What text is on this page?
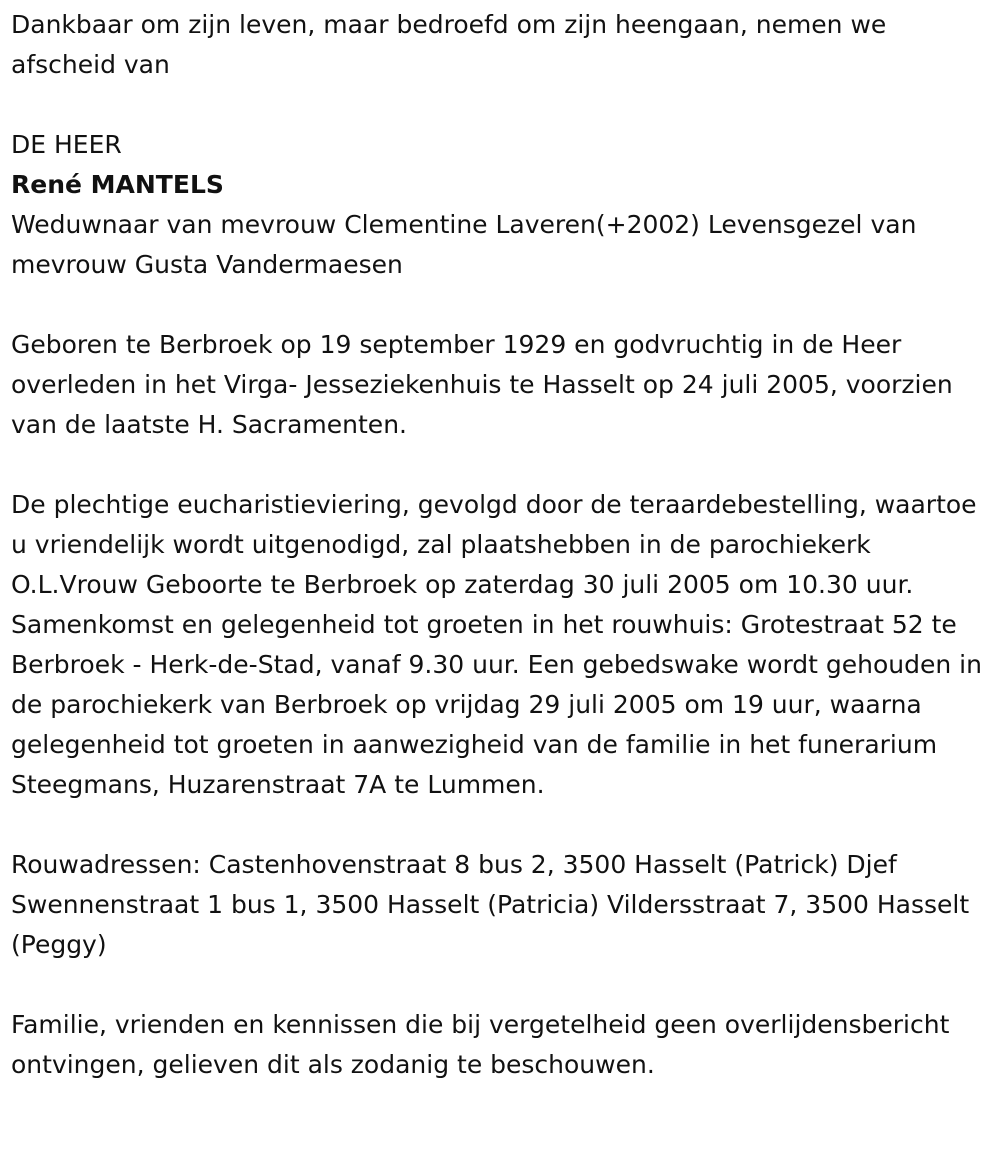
Dankbaar om zijn leven, maar bedroefd om zijn heengaan, nemen we afscheid van

DE HEER

René MANTELS

Weduwnaar van mevrouw Clementine Laveren(+2002) Levensgezel van mevrouw Gusta Vandermaesen

Geboren te Berbroek op 19 september 1929 en godvruchtig in de Heer overleden in het Virga- Jesseziekenhuis te Hasselt op 24 juli 2005, voorzien van de laatste H. Sacramenten.

De plechtige eucharistieviering, gevolgd door de teraardebestelling, waartoe u vriendelijk wordt uitgenodigd, zal plaatshebben in de parochiekerk O.L.Vrouw Geboorte te Berbroek op zaterdag 30 juli 2005 om 10.30 uur. Samenkomst en gelegenheid tot groeten in het rouwhuis: Grotestraat 52 te Berbroek - Herk-de-Stad, vanaf 9.30 uur. Een gebedswake wordt gehouden in de parochiekerk van Berbroek op vrijdag 29 juli 2005 om 19 uur, waarna gelegenheid tot groeten in aanwezigheid van de familie in het funerarium Steegmans, Huzarenstraat 7A te Lummen.

Rouwadressen: Castenhovenstraat 8 bus 2, 3500 Hasselt (Patrick) Djef Swennenstraat 1 bus 1, 3500 Hasselt (Patricia) Vildersstraat 7, 3500 Hasselt (Peggy)

Familie, vrienden en kennissen die bij vergetelheid geen overlijdensbericht ontvingen, gelieven dit als zodanig te beschouwen.
